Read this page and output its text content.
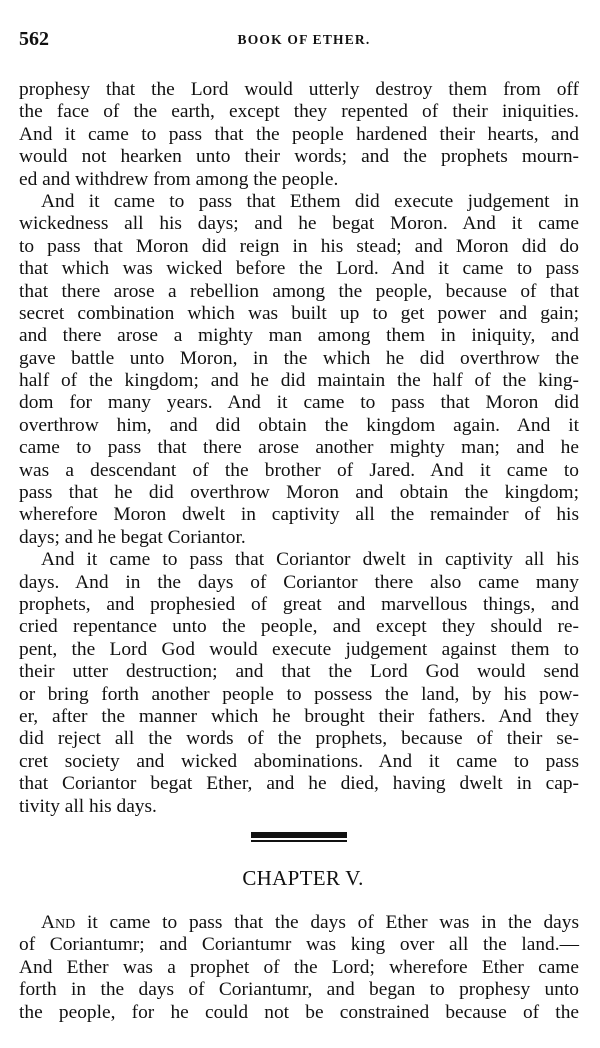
562	BOOK OF ETHER.
prophesy that the Lord would utterly destroy them from off
the face of the earth, except they repented of their iniquities.
And it came to pass that the people hardened their hearts, and
would not hearken unto their words; and the prophets mourn-
ed and withdrew from among the people.
And it came to pass that Ethem did execute judgement in
wickedness all his days; and he begat Moron. And it came
to pass that Moron did reign in his stead; and Moron did do
that which was wicked before the Lord. And it came to pass
that there arose a rebellion among the people, because of that
secret combination which was built up to get power and gain;
and there arose a mighty man among them in iniquity, and
gave battle unto Moron, in the which he did overthrow the
half of the kingdom; and he did maintain the half of the king-
dom for many years. And it came to pass that Moron did
overthrow him, and did obtain the kingdom again. And it
came to pass that there arose another mighty man; and he
was a descendant of the brother of Jared. And it came to
pass that he did overthrow Moron and obtain the kingdom;
wherefore Moron dwelt in captivity all the remainder of his
days; and he begat Coriantor.
And it came to pass that Coriantor dwelt in captivity all his
days. And in the days of Coriantor there also came many
prophets, and prophesied of great and marvellous things, and
cried repentance unto the people, and except they should re-
pent, the Lord God would execute judgement against them to
their utter destruction; and that the Lord God would send
or bring forth another people to possess the land, by his pow-
er, after the manner which he brought their fathers. And they
did reject all the words of the prophets, because of their se-
cret society and wicked abominations. And it came to pass
that Coriantor begat Ether, and he died, having dwelt in cap-
tivity all his days.
CHAPTER V.
And it came to pass that the days of Ether was in the days
of Coriantumr; and Coriantumr was king over all the land.—
And Ether was a prophet of the Lord; wherefore Ether came
forth in the days of Coriantumr, and began to prophesy unto
the people, for he could not be constrained because of the
